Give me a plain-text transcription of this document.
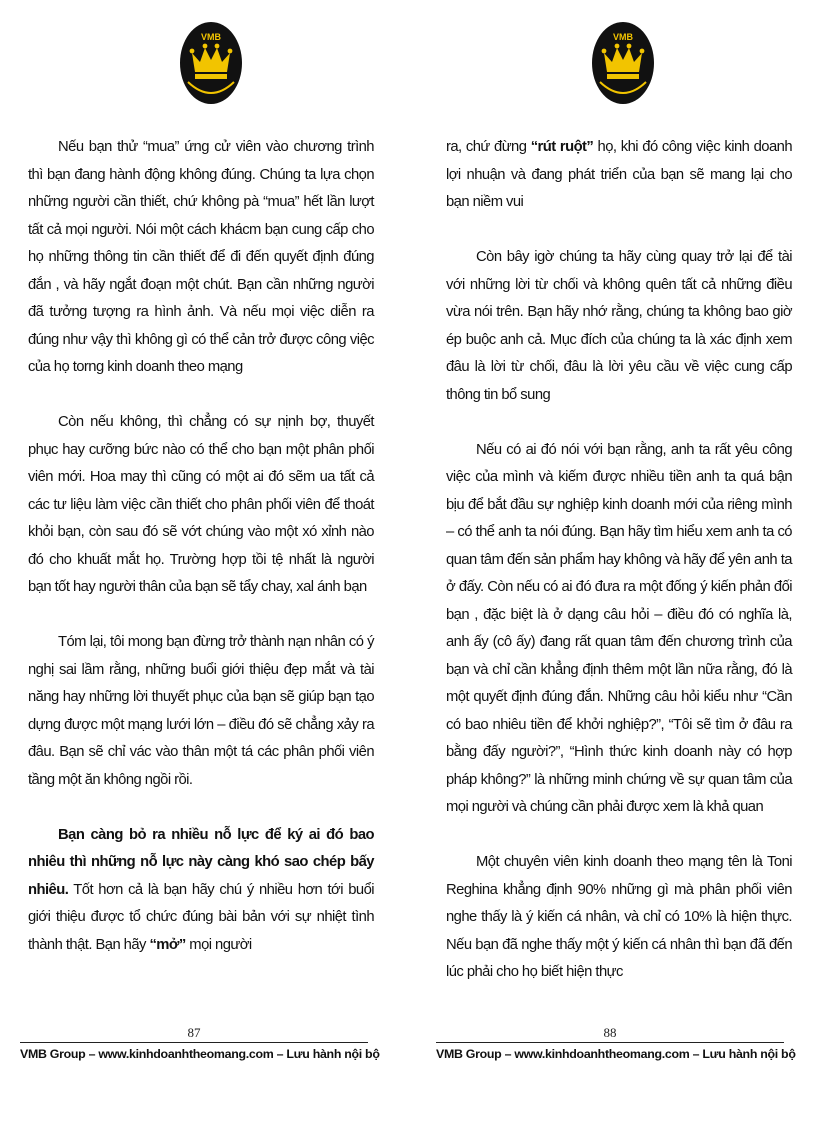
Nếu bạn thử “mua” ứng cử viên vào chương trình thì bạn đang hành động không đúng. Chúng ta lựa chọn những người cần thiết, chứ không pà “mua” hết lần lượt tất cả mọi người. Nói một cách khácm bạn cung cấp cho họ những thông tin cần thiết để đi đến quyết định đúng đắn , và hãy ngắt đoạn một chút. Bạn cần những người đã tưởng tượng ra hình ảnh. Và nếu mọi việc diễn ra đúng như vậy thì không gì có thể cản trở được công việc của họ torng kinh doanh theo mạng

Còn nếu không, thì chẳng có sự nịnh bợ, thuyết phục hay cưỡng bức nào có thể cho bạn một phân phối viên mới. Hoa may thì cũng có một ai đó sẽm ua tất cả các tư liệu làm việc cần thiết cho phân phối viên để thoát khỏi bạn, còn sau đó sẽ vớt chúng vào một xó xỉnh nào đó cho khuất mắt họ. Trường hợp tồi tệ nhất là người bạn tốt hay người thân của bạn sẽ tẩy chay, xal ánh bạn

Tóm lại, tôi mong bạn đừng trở thành nạn nhân có ý nghị sai lầm rằng, những buổi giới thiệu đẹp mắt và tài năng hay những lời thuyết phục của bạn sẽ giúp bạn tạo dựng được một mạng lưới lớn – điều đó sẽ chẳng xảy ra đâu. Bạn sẽ chỉ vác vào thân một tá các phân phối viên tầng một ăn không ngồi rồi.

Bạn càng bỏ ra nhiều nỗ lực để ký ai đó bao nhiêu thì những nỗ lực này càng khó sao chép bấy nhiêu. Tốt hơn cả là bạn hãy chú ý nhiều hơn tới buổi giới thiệu được tổ chức đúng bài bản với sự nhiệt tình thành thật. Bạn hãy “mở” mọi người

87
VMB Group – www.kinhdoanhtheomang.com – Lưu hành nội bộ

ra, chứ đừng “rút ruột” họ, khi đó công việc kinh doanh lợi nhuận và đang phát triển của bạn sẽ mang lại cho bạn niềm vui

Còn bây igờ chúng ta hãy cùng quay trở lại để tài với những lời từ chối và không quên tất cả những điều vừa nói trên. Bạn hãy nhớ rằng, chúng ta không bao giờ ép buộc anh cả. Mục đích của chúng ta là xác định xem đâu là lời từ chối, đâu là lời yêu cầu về việc cung cấp thông tin bổ sung

Nếu có ai đó nói với bạn rằng, anh ta rất yêu công việc của mình và kiếm được nhiều tiền anh ta quá bận bịu để bắt đầu sự nghiệp kinh doanh mới của riêng mình – có thể anh ta nói đúng. Bạn hãy tìm hiểu xem anh ta có quan tâm đến sản phẩm hay không và hãy để yên anh ta ở đấy. Còn nếu có ai đó đưa ra một đống ý kiến phản đối bạn , đặc biệt là ở dạng câu hỏi – điều đó có nghĩa là, anh ấy (cô ấy) đang rất quan tâm đến chương trình của bạn và chỉ cần khẳng định thêm một lần nữa rằng, đó là một quyết định đúng đắn. Những câu hỏi kiểu như “Cần có bao nhiêu tiền để khởi nghiệp?”, “Tôi sẽ tìm ở đâu ra bằng đấy người?”, “Hình thức kinh doanh này có hợp pháp không?” là những minh chứng về sự quan tâm của mọi người và chúng cần phải được xem là khả quan

Một chuyên viên kinh doanh theo mạng tên là Toni Reghina khẳng định 90% những gì mà phân phối viên nghe thấy là ý kiến cá nhân, và chỉ có 10% là hiện thực. Nếu bạn đã nghe thấy một ý kiến cá nhân thì bạn đã đến lúc phải cho họ biết hiện thực

88
VMB Group – www.kinhdoanhtheomang.com – Lưu hành nội bộ
